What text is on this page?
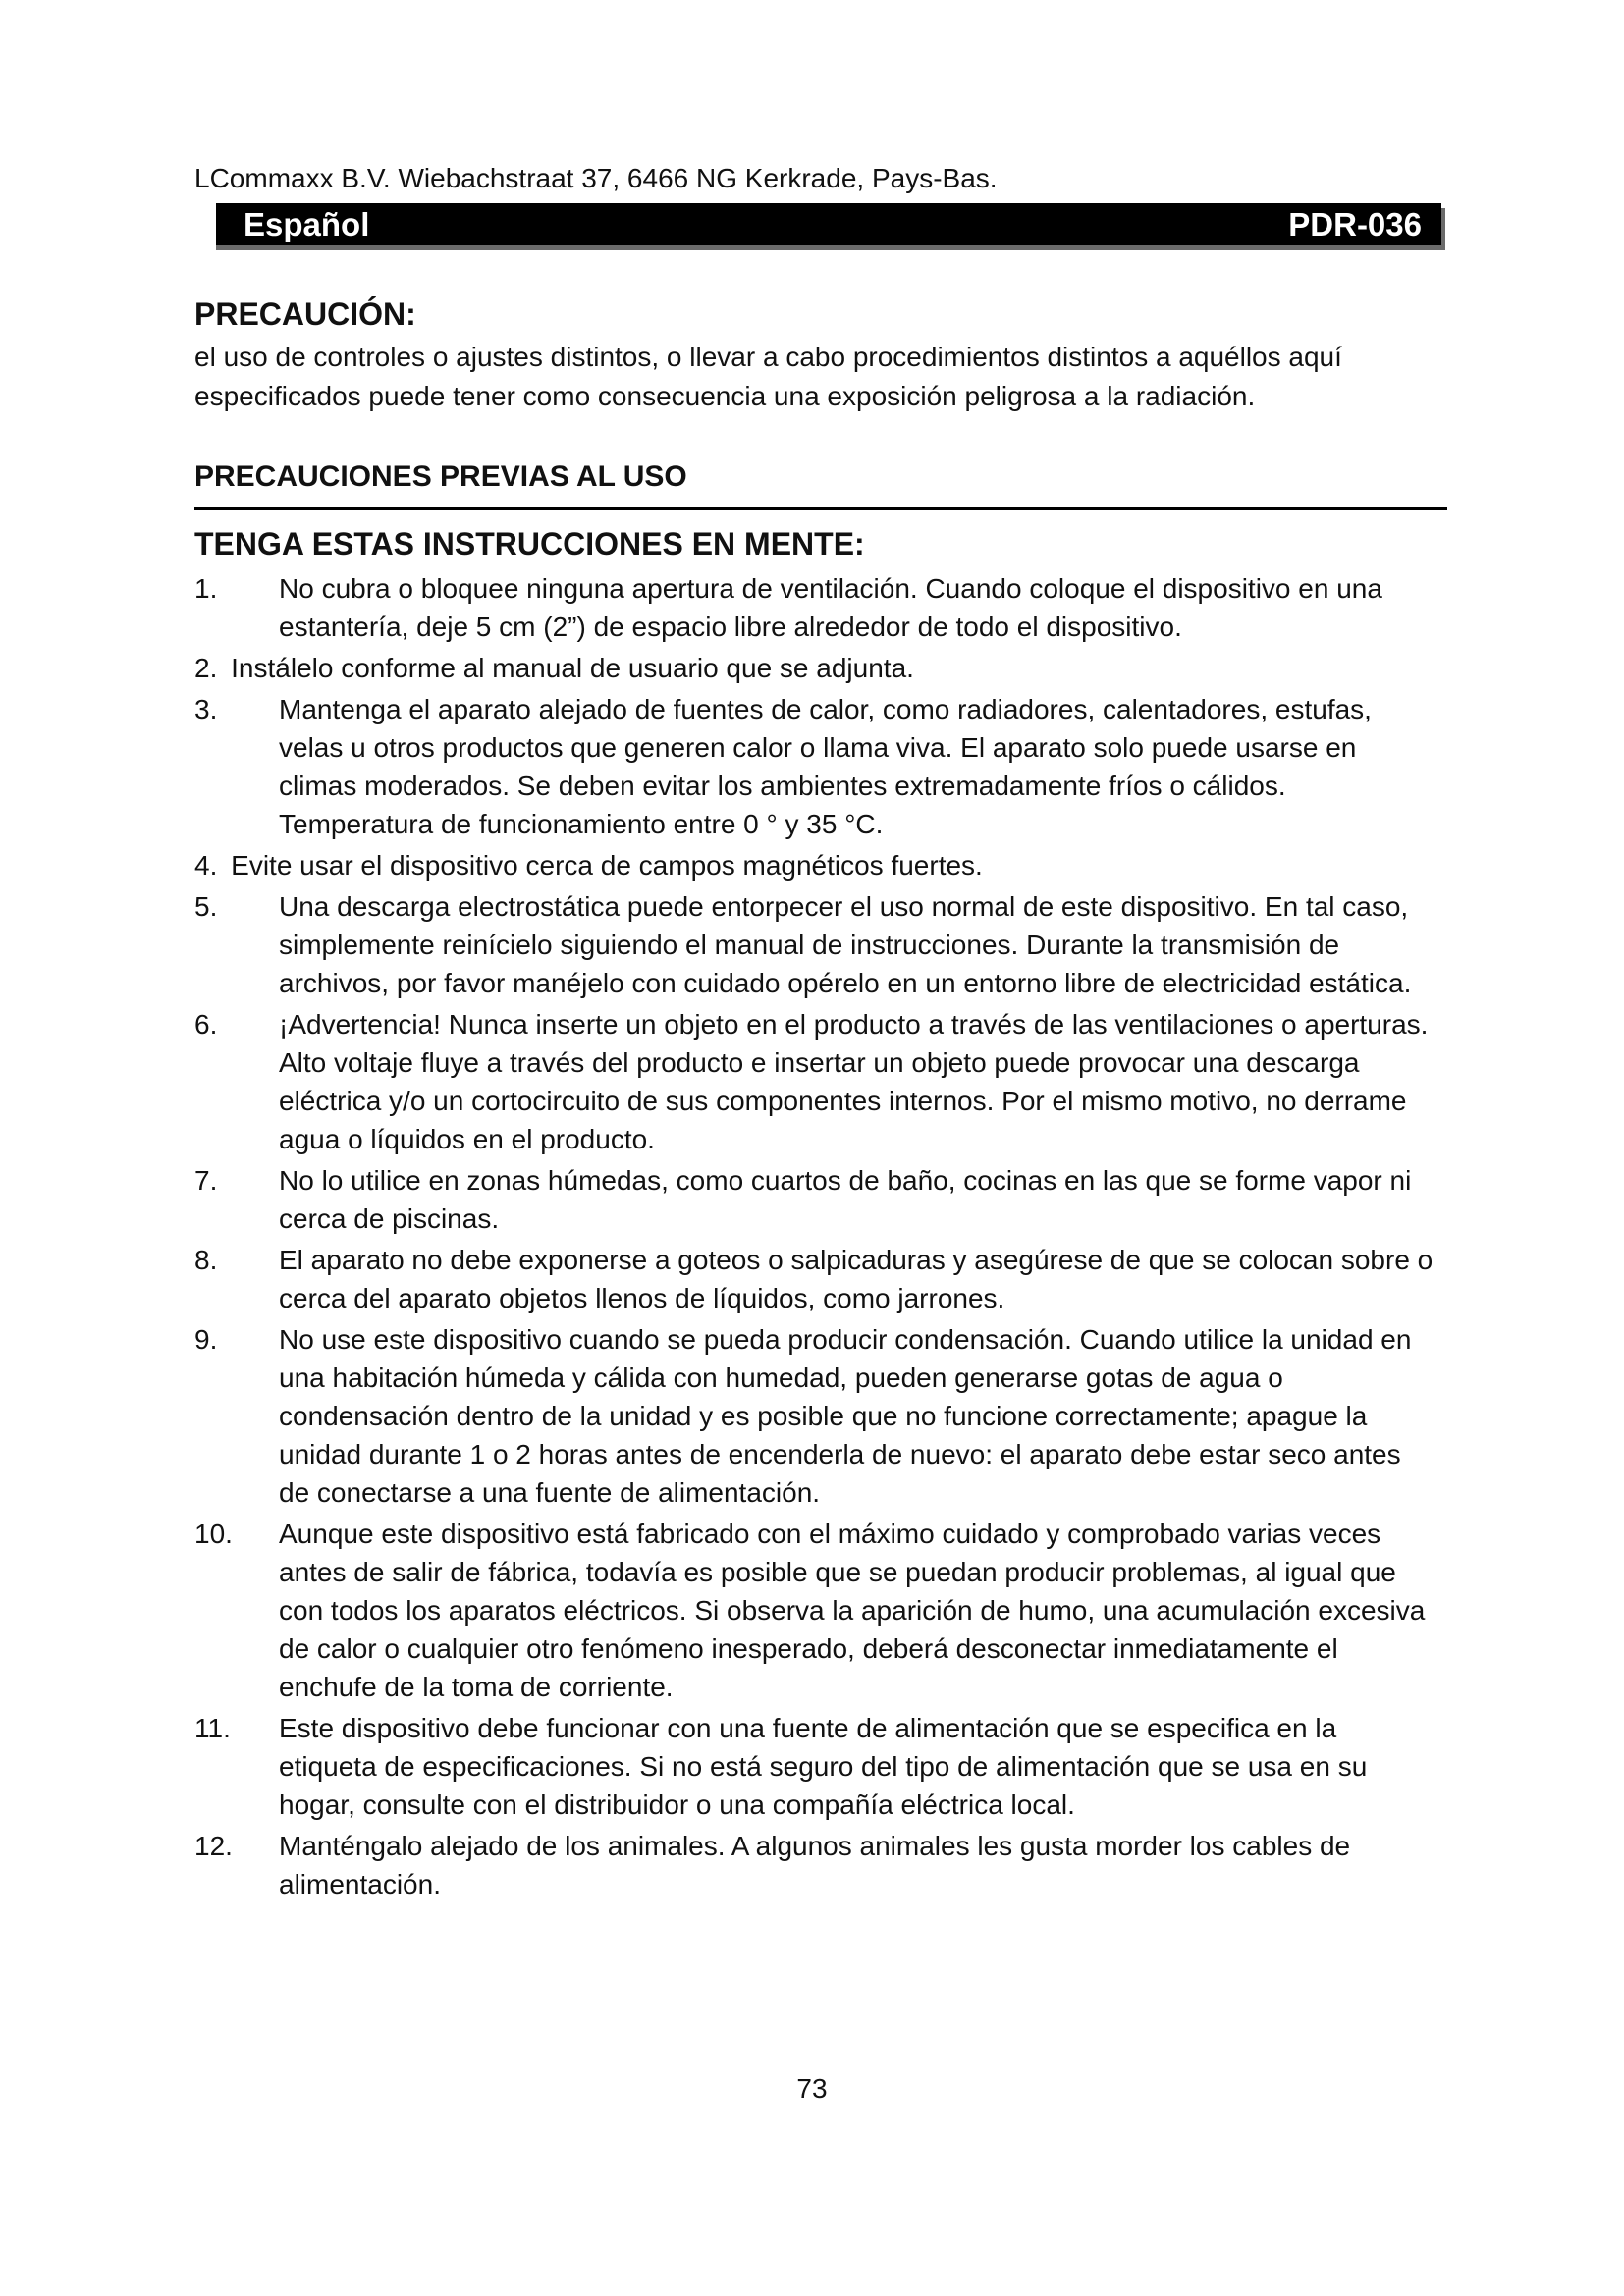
LCommaxx B.V. Wiebachstraat 37, 6466 NG Kerkrade, Pays-Bas.
Español	PDR-036
PRECAUCIÓN:
el uso de controles o ajustes distintos, o llevar a cabo procedimientos distintos a aquéllos aquí especificados puede tener como consecuencia una exposición peligrosa a la radiación.
PRECAUCIONES PREVIAS AL USO
TENGA ESTAS INSTRUCCIONES EN MENTE:
1. No cubra o bloquee ninguna apertura de ventilación. Cuando coloque el dispositivo en una estantería, deje 5 cm (2”) de espacio libre alrededor de todo el dispositivo.
2. Instálelo conforme al manual de usuario que se adjunta.
3. Mantenga el aparato alejado de fuentes de calor, como radiadores, calentadores, estufas, velas u otros productos que generen calor o llama viva. El aparato solo puede usarse en climas moderados. Se deben evitar los ambientes extremadamente fríos o cálidos. Temperatura de funcionamiento entre 0 ° y 35 °C.
4. Evite usar el dispositivo cerca de campos magnéticos fuertes.
5. Una descarga electrostática puede entorpecer el uso normal de este dispositivo. En tal caso, simplemente reinícielo siguiendo el manual de instrucciones. Durante la transmisión de archivos, por favor manéjelo con cuidado opérelo en un entorno libre de electricidad estática.
6. ¡Advertencia! Nunca inserte un objeto en el producto a través de las ventilaciones o aperturas. Alto voltaje fluye a través del producto e insertar un objeto puede provocar una descarga eléctrica y/o un cortocircuito de sus componentes internos. Por el mismo motivo, no derrame agua o líquidos en el producto.
7. No lo utilice en zonas húmedas, como cuartos de baño, cocinas en las que se forme vapor ni cerca de piscinas.
8. El aparato no debe exponerse a goteos o salpicaduras y asegúrese de que se colocan sobre o cerca del aparato objetos llenos de líquidos, como jarrones.
9. No use este dispositivo cuando se pueda producir condensación. Cuando utilice la unidad en una habitación húmeda y cálida con humedad, pueden generarse gotas de agua o condensación dentro de la unidad y es posible que no funcione correctamente; apague la unidad durante 1 o 2 horas antes de encenderla de nuevo: el aparato debe estar seco antes de conectarse a una fuente de alimentación.
10. Aunque este dispositivo está fabricado con el máximo cuidado y comprobado varias veces antes de salir de fábrica, todavía es posible que se puedan producir problemas, al igual que con todos los aparatos eléctricos. Si observa la aparición de humo, una acumulación excesiva de calor o cualquier otro fenómeno inesperado, deberá desconectar inmediatamente el enchufe de la toma de corriente.
11. Este dispositivo debe funcionar con una fuente de alimentación que se especifica en la etiqueta de especificaciones. Si no está seguro del tipo de alimentación que se usa en su hogar, consulte con el distribuidor o una compañía eléctrica local.
12. Manténgalo alejado de los animales. A algunos animales les gusta morder los cables de alimentación.
73
